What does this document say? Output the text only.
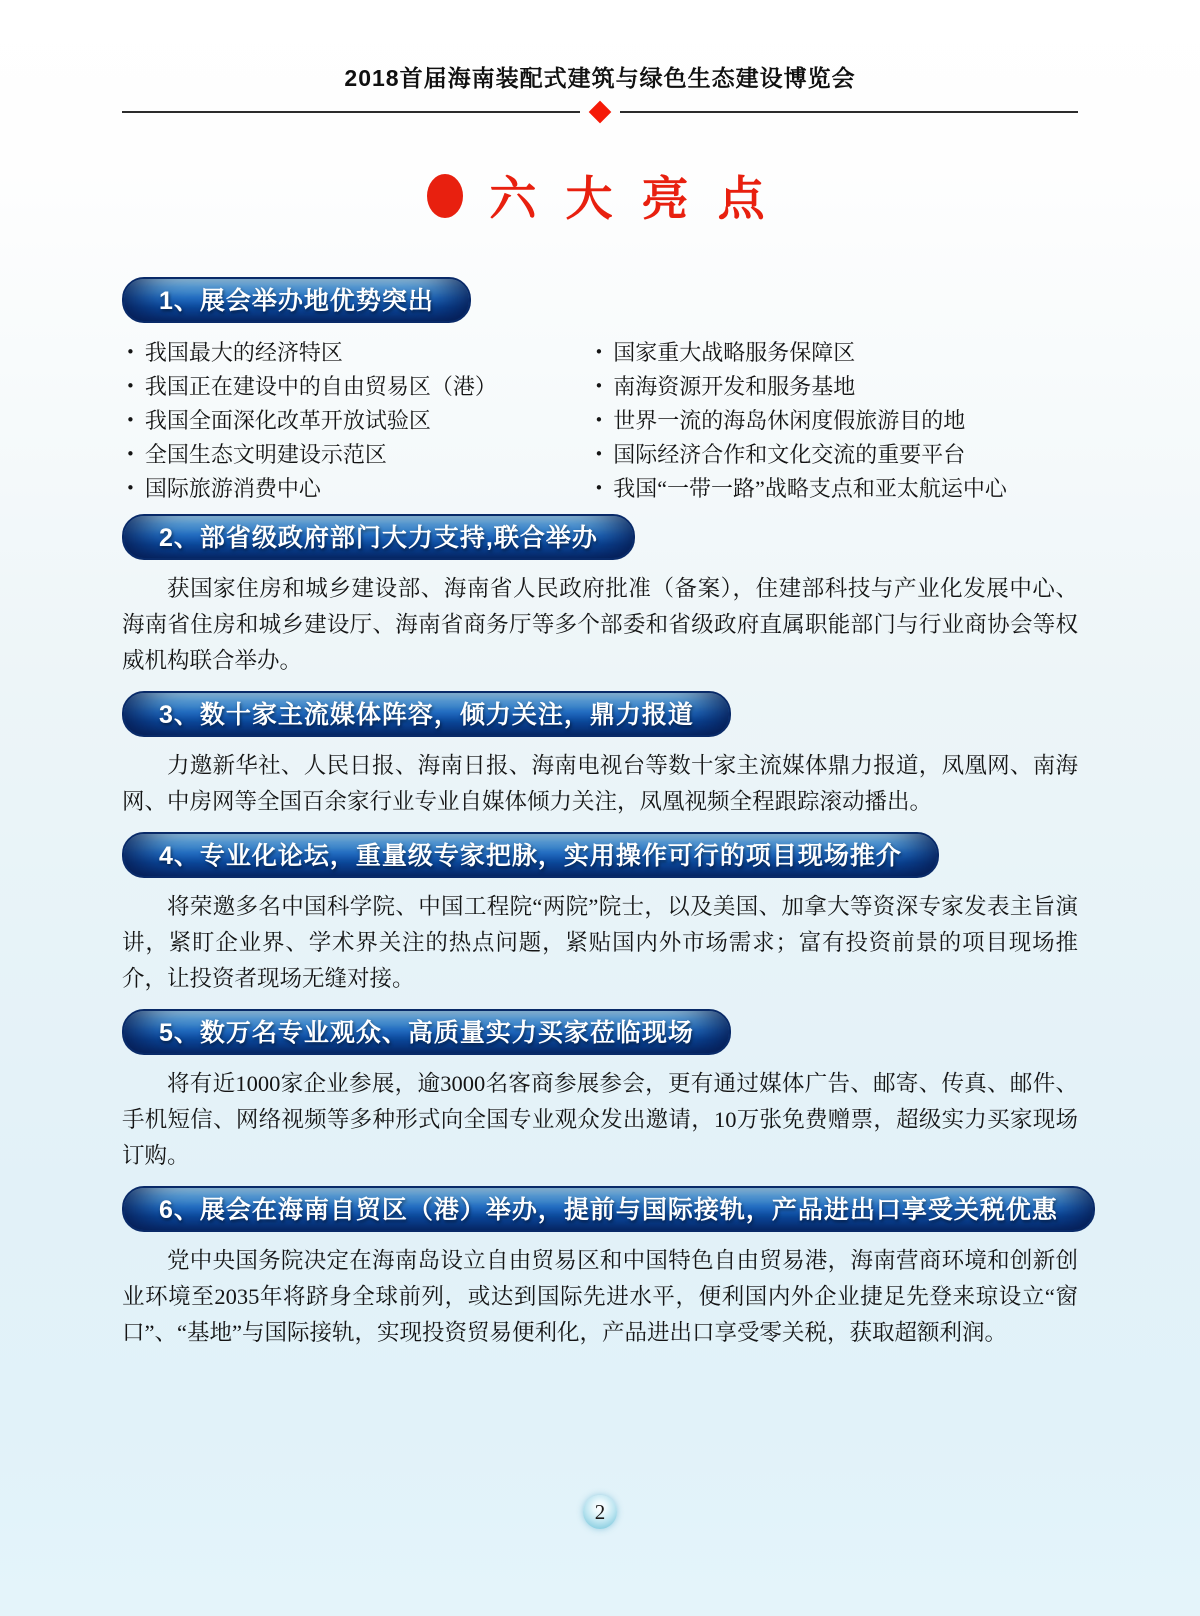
2018首届海南装配式建筑与绿色生态建设博览会
六 大 亮 点
1、展会举办地优势突出
• 我国最大的经济特区
• 我国正在建设中的自由贸易区（港）
• 我国全面深化改革开放试验区
• 全国生态文明建设示范区
• 国际旅游消费中心
• 国家重大战略服务保障区
• 南海资源开发和服务基地
• 世界一流的海岛休闲度假旅游目的地
• 国际经济合作和文化交流的重要平台
• 我国“一带一路”战略支点和亚太航运中心
2、部省级政府部门大力支持,联合举办

获国家住房和城乡建设部、海南省人民政府批准（备案），住建部科技与产业化发展中心、海南省住房和城乡建设厅、海南省商务厅等多个部委和省级政府直属职能部门与行业商协会等权威机构联合举办。

3、数十家主流媒体阵容，倾力关注，鼎力报道

力邀新华社、人民日报、海南日报、海南电视台等数十家主流媒体鼎力报道，凤凰网、南海网、中房网等全国百余家行业专业自媒体倾力关注，凤凰视频全程跟踪滚动播出。

4、专业化论坛，重量级专家把脉，实用操作可行的项目现场推介

将荣邀多名中国科学院、中国工程院“两院”院士，以及美国、加拿大等资深专家发表主旨演讲，紧盯企业界、学术界关注的热点问题，紧贴国内外市场需求；富有投资前景的项目现场推介，让投资者现场无缝对接。

5、数万名专业观众、高质量实力买家莅临现场

将有近1000家企业参展，逾3000名客商参展参会，更有通过媒体广告、邮寄、传真、邮件、手机短信、网络视频等多种形式向全国专业观众发出邀请，10万张免费赠票，超级实力买家现场订购。

6、展会在海南自贸区（港）举办，提前与国际接轨，产品进出口享受关税优惠

党中央国务院决定在海南岛设立自由贸易区和中国特色自由贸易港，海南营商环境和创新创业环境至2035年将跻身全球前列，或达到国际先进水平，便利国内外企业捷足先登来琼设立“窗口”、“基地”与国际接轨，实现投资贸易便利化，产品进出口享受零关税，获取超额利润。

2
